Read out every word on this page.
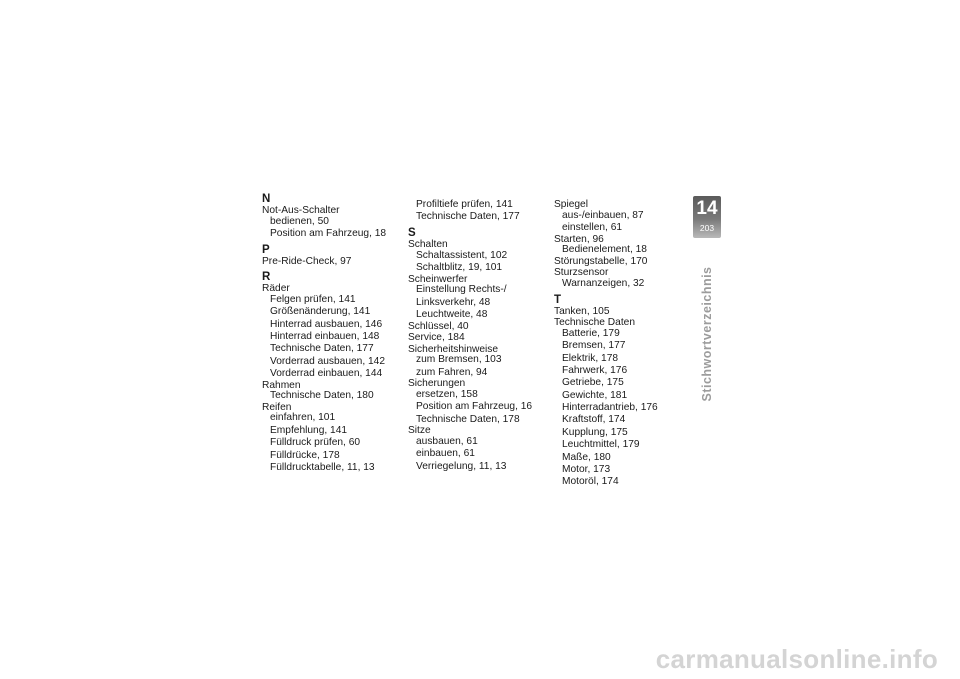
N
Not-Aus-Schalter
bedienen, 50
Position am Fahrzeug, 18
P
Pre-Ride-Check, 97
R
Räder
Felgen prüfen, 141
Größenänderung, 141
Hinterrad ausbauen, 146
Hinterrad einbauen, 148
Technische Daten, 177
Vorderrad ausbauen, 142
Vorderrad einbauen, 144
Rahmen
Technische Daten, 180
Reifen
einfahren, 101
Empfehlung, 141
Fülldruck prüfen, 60
Fülldrücke, 178
Fülldrucktabelle, 11, 13
Profiltiefe prüfen, 141
Technische Daten, 177
S
Schalten
Schaltassistent, 102
Schaltblitz, 19, 101
Scheinwerfer
Einstellung Rechts-/
Linksverkehr, 48
Leuchtweite, 48
Schlüssel, 40
Service, 184
Sicherheitshinweise
zum Bremsen, 103
zum Fahren, 94
Sicherungen
ersetzen, 158
Position am Fahrzeug, 16
Technische Daten, 178
Sitze
ausbauen, 61
einbauen, 61
Verriegelung, 11, 13
Spiegel
aus-/einbauen, 87
einstellen, 61
Starten, 96
Bedienelement, 18
Störungstabelle, 170
Sturzsensor
Warnanzeigen, 32
T
Tanken, 105
Technische Daten
Batterie, 179
Bremsen, 177
Elektrik, 178
Fahrwerk, 176
Getriebe, 175
Gewichte, 181
Hinterradantrieb, 176
Kraftstoff, 174
Kupplung, 175
Leuchtmittel, 179
Maße, 180
Motor, 173
Motoröl, 174
14
203
Stichwortverzeichnis
carmanualsonline.info
